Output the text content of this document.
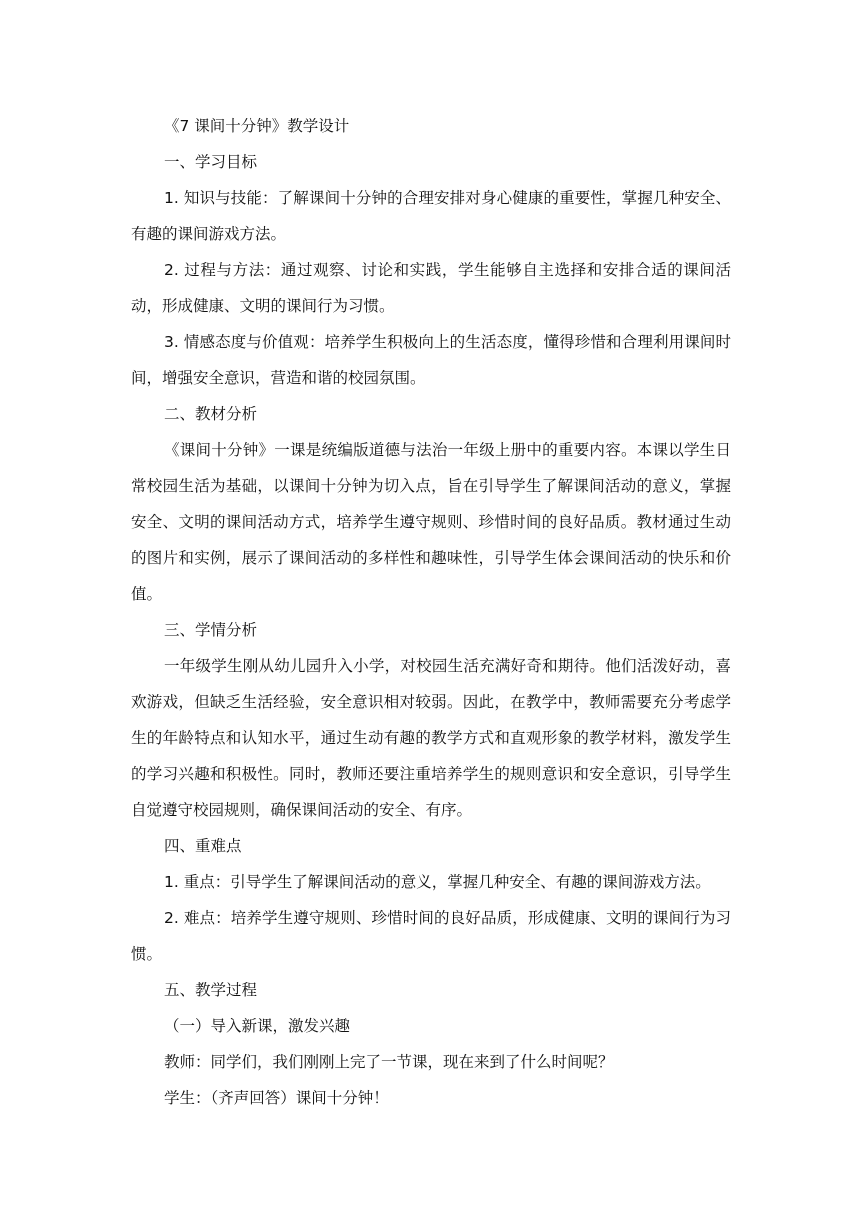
《7 课间十分钟》教学设计

一、学习目标

1. 知识与技能：了解课间十分钟的合理安排对身心健康的重要性，掌握几种安全、有趣的课间游戏方法。

2. 过程与方法：通过观察、讨论和实践，学生能够自主选择和安排合适的课间活动，形成健康、文明的课间行为习惯。

3. 情感态度与价值观：培养学生积极向上的生活态度，懂得珍惜和合理利用课间时间，增强安全意识，营造和谐的校园氛围。

二、教材分析

《课间十分钟》一课是统编版道德与法治一年级上册中的重要内容。本课以学生日常校园生活为基础，以课间十分钟为切入点，旨在引导学生了解课间活动的意义，掌握安全、文明的课间活动方式，培养学生遵守规则、珍惜时间的良好品质。教材通过生动的图片和实例，展示了课间活动的多样性和趣味性，引导学生体会课间活动的快乐和价值。

三、学情分析

一年级学生刚从幼儿园升入小学，对校园生活充满好奇和期待。他们活泼好动，喜欢游戏，但缺乏生活经验，安全意识相对较弱。因此，在教学中，教师需要充分考虑学生的年龄特点和认知水平，通过生动有趣的教学方式和直观形象的教学材料，激发学生的学习兴趣和积极性。同时，教师还要注重培养学生的规则意识和安全意识，引导学生自觉遵守校园规则，确保课间活动的安全、有序。

四、重难点

1. 重点：引导学生了解课间活动的意义，掌握几种安全、有趣的课间游戏方法。

2. 难点：培养学生遵守规则、珍惜时间的良好品质，形成健康、文明的课间行为习惯。

五、教学过程

（一）导入新课，激发兴趣

教师：同学们，我们刚刚上完了一节课，现在来到了什么时间呢？

学生：（齐声回答）课间十分钟！
